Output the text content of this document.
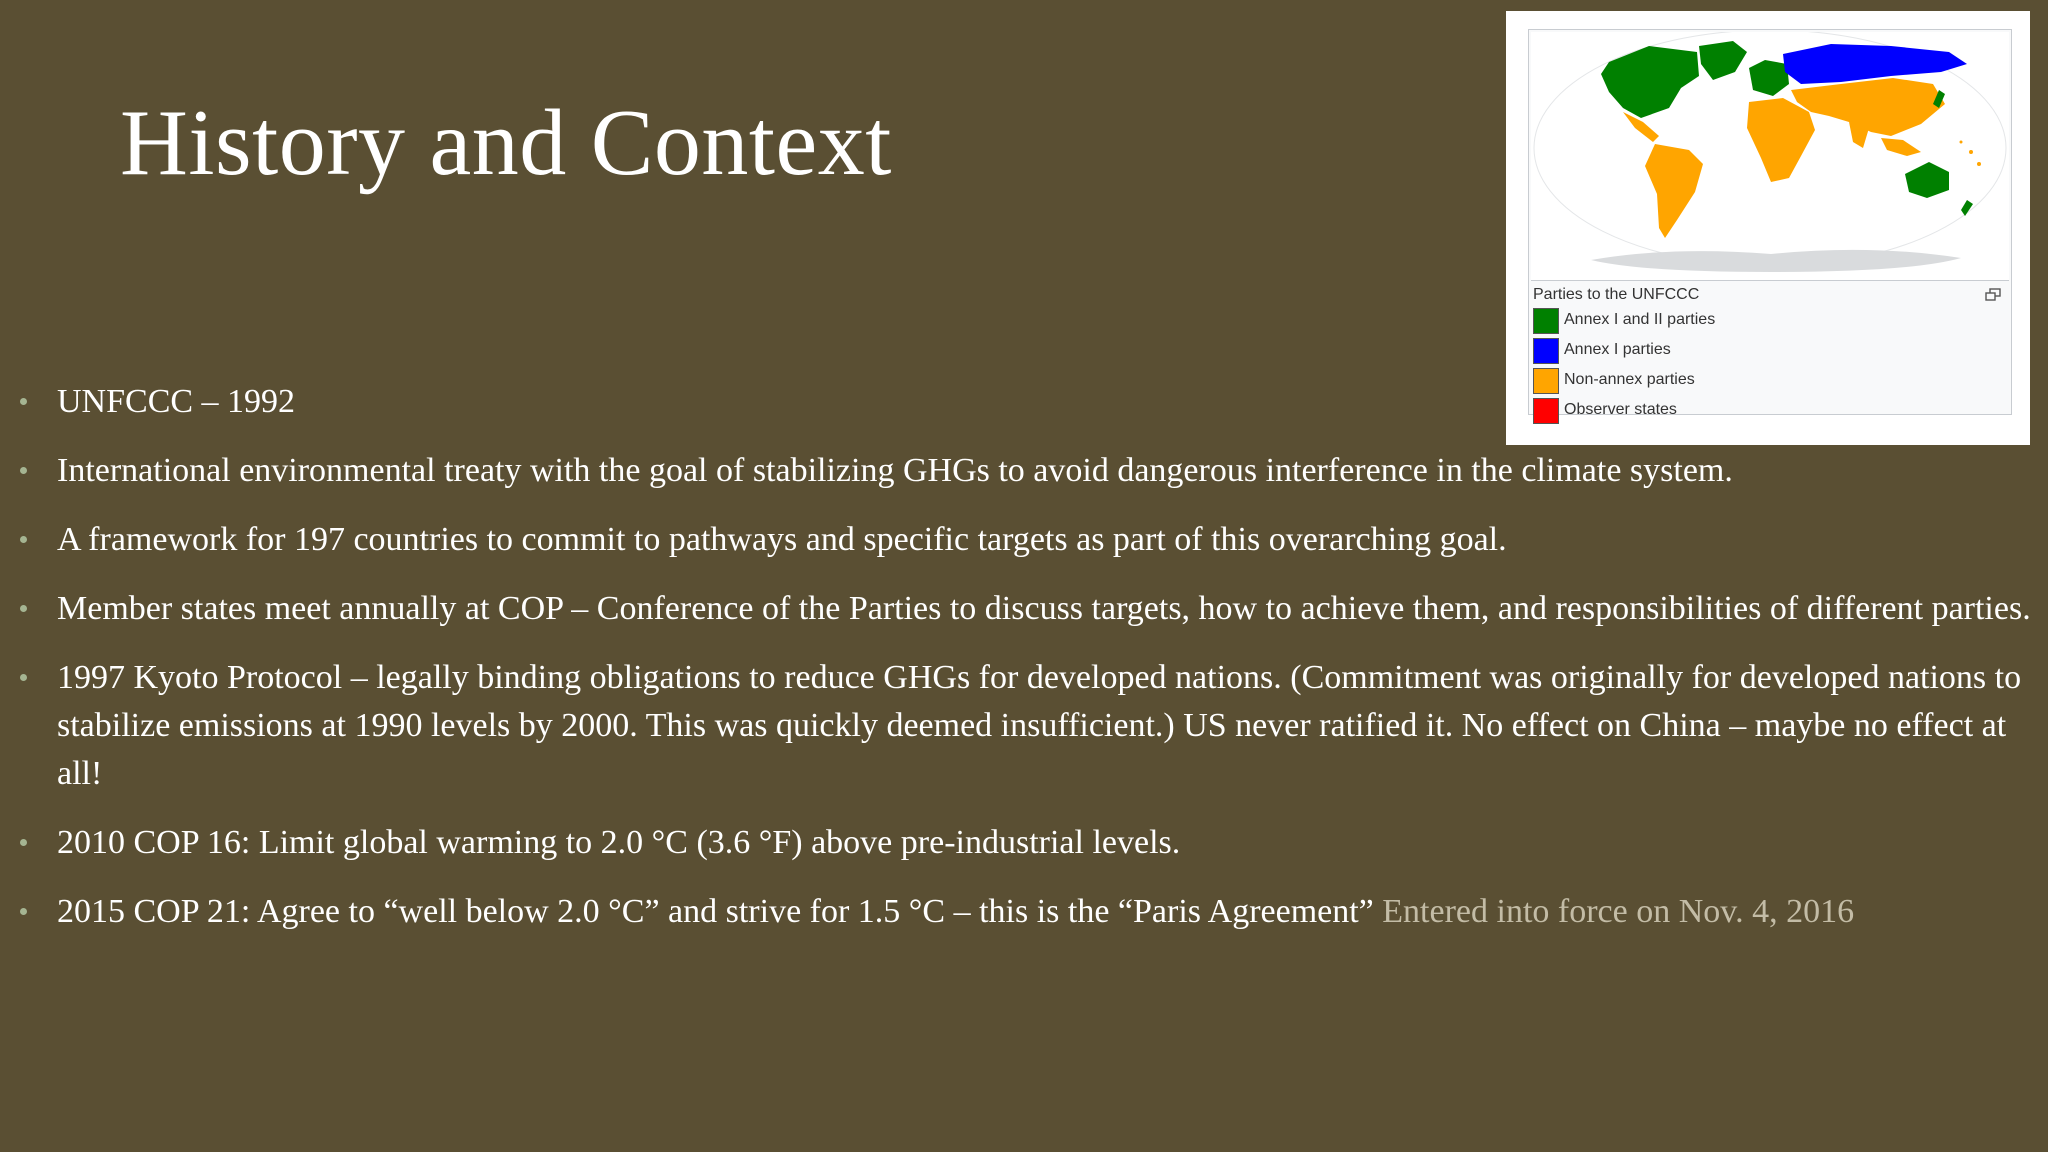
History and Context
UNFCCC – 1992
International environmental treaty with the goal of stabilizing GHGs to avoid dangerous interference in the climate system.
A framework for 197 countries to commit to pathways and specific targets as part of this overarching goal.
Member states meet annually at COP – Conference of the Parties to discuss targets, how to achieve them, and responsibilities of different parties.
1997 Kyoto Protocol – legally binding obligations to reduce GHGs for developed nations. (Commitment was originally for developed nations to stabilize emissions at 1990 levels by 2000. This was quickly deemed insufficient.) US never ratified it. No effect on China – maybe no effect at all!
2010 COP 16: Limit global warming to 2.0 °C (3.6 °F) above pre-industrial levels.
2015 COP 21: Agree to “well below 2.0 °C” and strive for 1.5 °C – this is the “Paris Agreement” Entered into force on Nov. 4, 2016
Parties to the UNFCCC
Annex I and II parties
Annex I parties
Non-annex parties
Observer states
